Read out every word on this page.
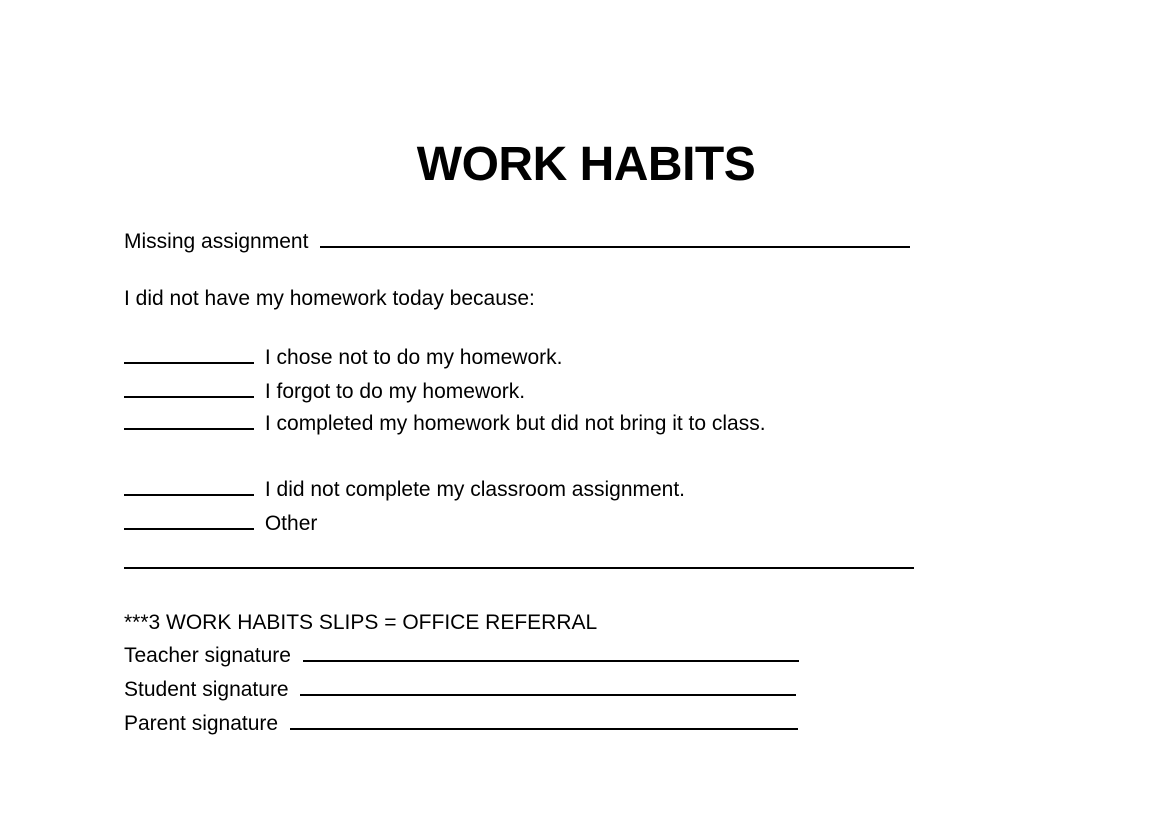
WORK HABITS
Missing assignment
I did not have my homework today because:
I chose not to do my homework.
I forgot to do my homework.
I completed my homework but did not bring it to class.
I did not complete my classroom assignment.
Other
***3 WORK HABITS SLIPS = OFFICE REFERRAL
Teacher signature
Student signature
Parent signature
